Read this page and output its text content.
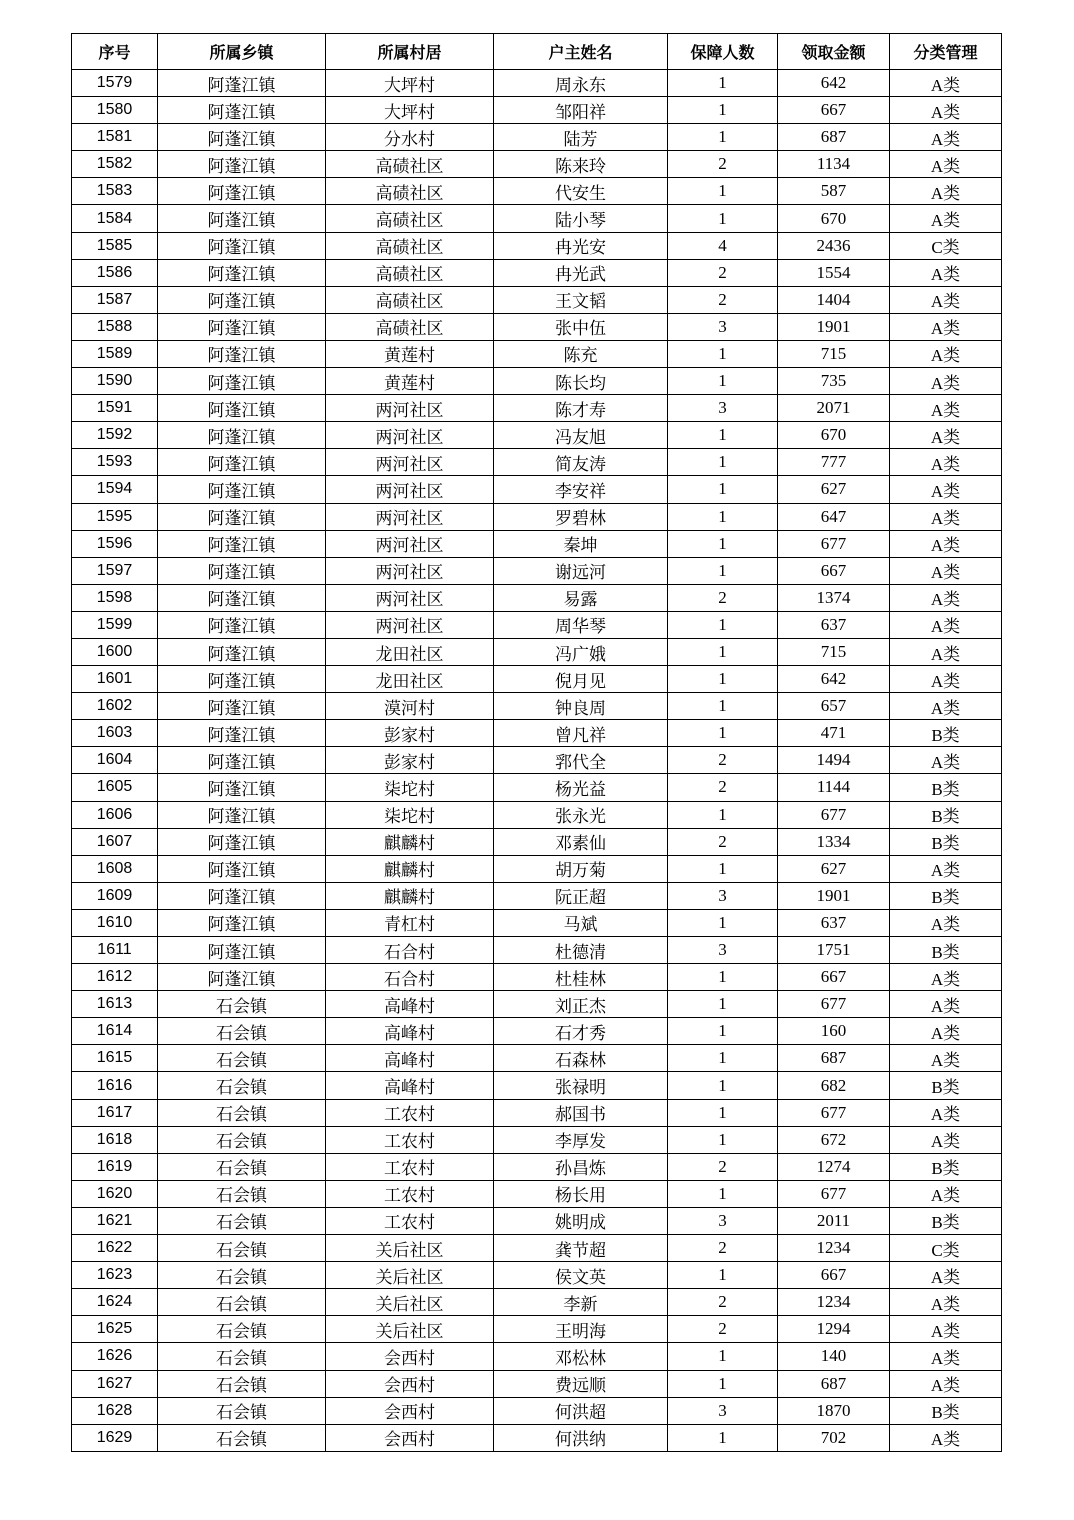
序号	所属乡镇	所属村居	户主姓名	保障人数	领取金额	分类管理
1579	阿蓬江镇	大坪村	周永东	1	642	A类
1580	阿蓬江镇	大坪村	邹阳祥	1	667	A类
1581	阿蓬江镇	分水村	陆芳	1	687	A类
1582	阿蓬江镇	高碛社区	陈来玲	2	1134	A类
1583	阿蓬江镇	高碛社区	代安生	1	587	A类
1584	阿蓬江镇	高碛社区	陆小琴	1	670	A类
1585	阿蓬江镇	高碛社区	冉光安	4	2436	C类
1586	阿蓬江镇	高碛社区	冉光武	2	1554	A类
1587	阿蓬江镇	高碛社区	王文韬	2	1404	A类
1588	阿蓬江镇	高碛社区	张中伍	3	1901	A类
1589	阿蓬江镇	黄莲村	陈充	1	715	A类
1590	阿蓬江镇	黄莲村	陈长均	1	735	A类
1591	阿蓬江镇	两河社区	陈才寿	3	2071	A类
1592	阿蓬江镇	两河社区	冯友旭	1	670	A类
1593	阿蓬江镇	两河社区	简友涛	1	777	A类
1594	阿蓬江镇	两河社区	李安祥	1	627	A类
1595	阿蓬江镇	两河社区	罗碧林	1	647	A类
1596	阿蓬江镇	两河社区	秦坤	1	677	A类
1597	阿蓬江镇	两河社区	谢远河	1	667	A类
1598	阿蓬江镇	两河社区	易露	2	1374	A类
1599	阿蓬江镇	两河社区	周华琴	1	637	A类
1600	阿蓬江镇	龙田社区	冯广娥	1	715	A类
1601	阿蓬江镇	龙田社区	倪月见	1	642	A类
1602	阿蓬江镇	漠河村	钟良周	1	657	A类
1603	阿蓬江镇	彭家村	曾凡祥	1	471	B类
1604	阿蓬江镇	彭家村	郛代全	2	1494	A类
1605	阿蓬江镇	柒坨村	杨光益	2	1144	B类
1606	阿蓬江镇	柒坨村	张永光	1	677	B类
1607	阿蓬江镇	麒麟村	邓素仙	2	1334	B类
1608	阿蓬江镇	麒麟村	胡万菊	1	627	A类
1609	阿蓬江镇	麒麟村	阮正超	3	1901	B类
1610	阿蓬江镇	青杠村	马斌	1	637	A类
1611	阿蓬江镇	石合村	杜德清	3	1751	B类
1612	阿蓬江镇	石合村	杜桂林	1	667	A类
1613	石会镇	高峰村	刘正杰	1	677	A类
1614	石会镇	高峰村	石才秀	1	160	A类
1615	石会镇	高峰村	石森林	1	687	A类
1616	石会镇	高峰村	张禄明	1	682	B类
1617	石会镇	工农村	郝国书	1	677	A类
1618	石会镇	工农村	李厚发	1	672	A类
1619	石会镇	工农村	孙昌炼	2	1274	B类
1620	石会镇	工农村	杨长用	1	677	A类
1621	石会镇	工农村	姚明成	3	2011	B类
1622	石会镇	关后社区	龚节超	2	1234	C类
1623	石会镇	关后社区	侯文英	1	667	A类
1624	石会镇	关后社区	李新	2	1234	A类
1625	石会镇	关后社区	王明海	2	1294	A类
1626	石会镇	会西村	邓松林	1	140	A类
1627	石会镇	会西村	费远顺	1	687	A类
1628	石会镇	会西村	何洪超	3	1870	B类
1629	石会镇	会西村	何洪纳	1	702	A类
